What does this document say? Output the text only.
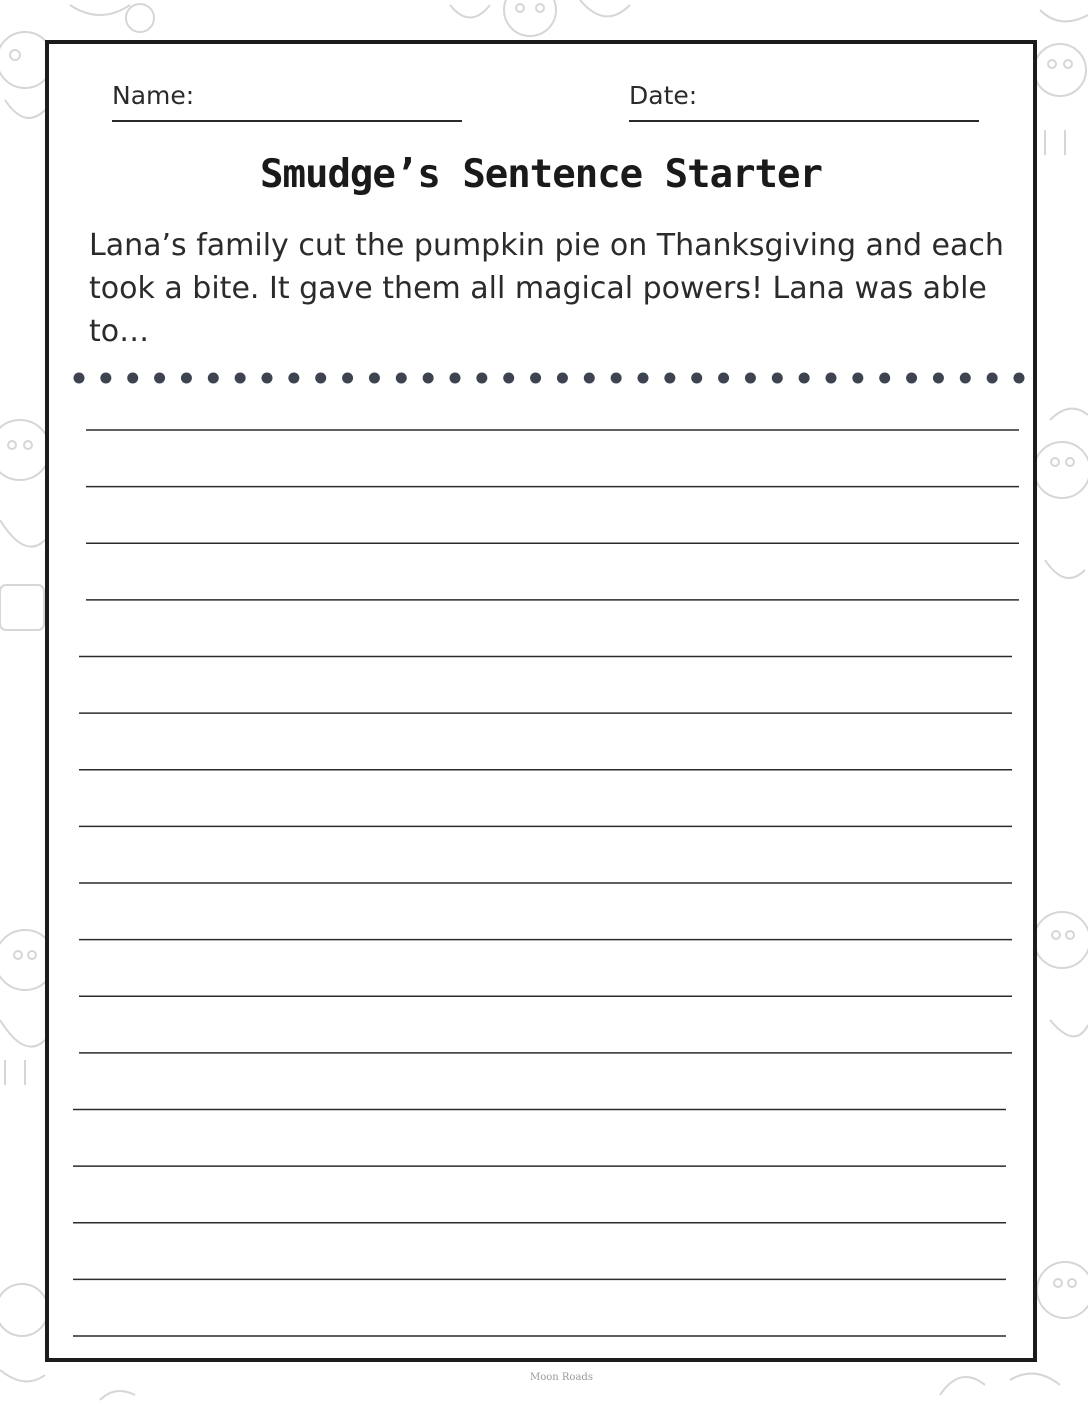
Name:	Date:
Smudge’s Sentence Starter
Lana’s family cut the pumpkin pie on Thanksgiving and each took a bite. It gave them all magical powers! Lana was able to…
Moon Roads
